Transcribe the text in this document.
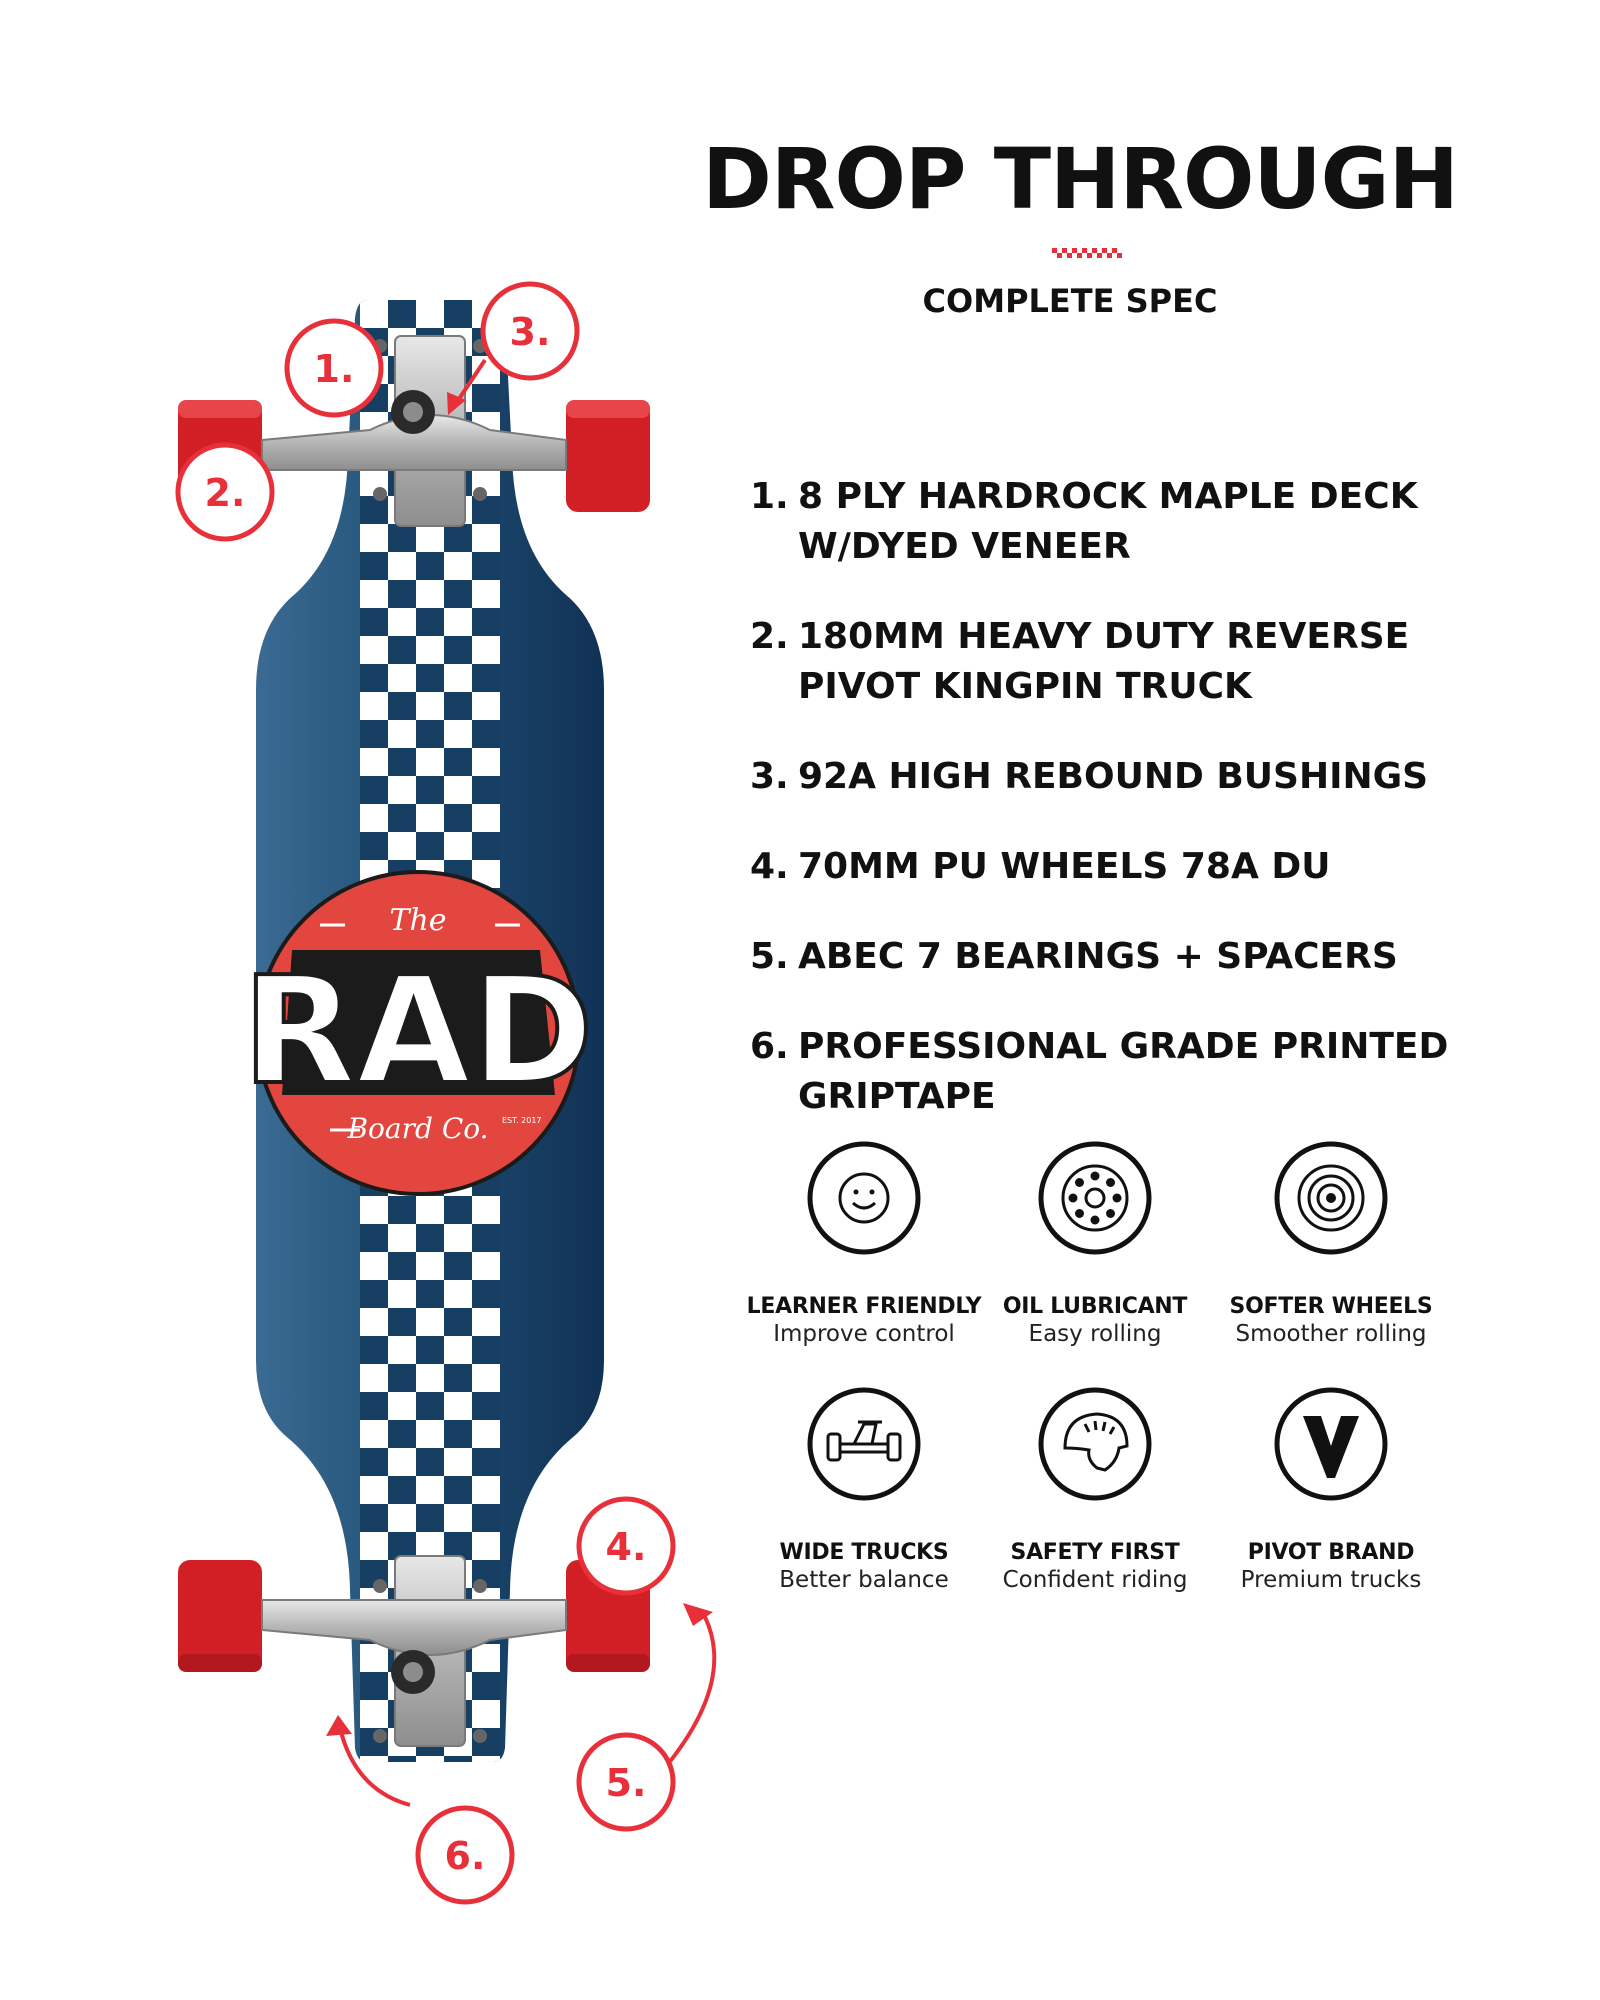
RAD
The
Board Co. EST. 2017
1.
2.
3.
4.
5.
6.
DROP THROUGH
COMPLETE SPEC
1. 8 PLY HARDROCK MAPLE DECK
W/DYED VENEER
2. 180MM HEAVY DUTY REVERSE
PIVOT KINGPIN TRUCK
3. 92A HIGH REBOUND BUSHINGS
4. 70MM PU WHEELS 78A DU
5. ABEC 7 BEARINGS + SPACERS
6. PROFESSIONAL GRADE PRINTED
GRIPTAPE
LEARNER FRIENDLY
Improve control
OIL LUBRICANT
Easy rolling
SOFTER WHEELS
Smoother rolling
WIDE TRUCKS
Better balance
SAFETY FIRST
Confident riding
PIVOT BRAND
Premium trucks
